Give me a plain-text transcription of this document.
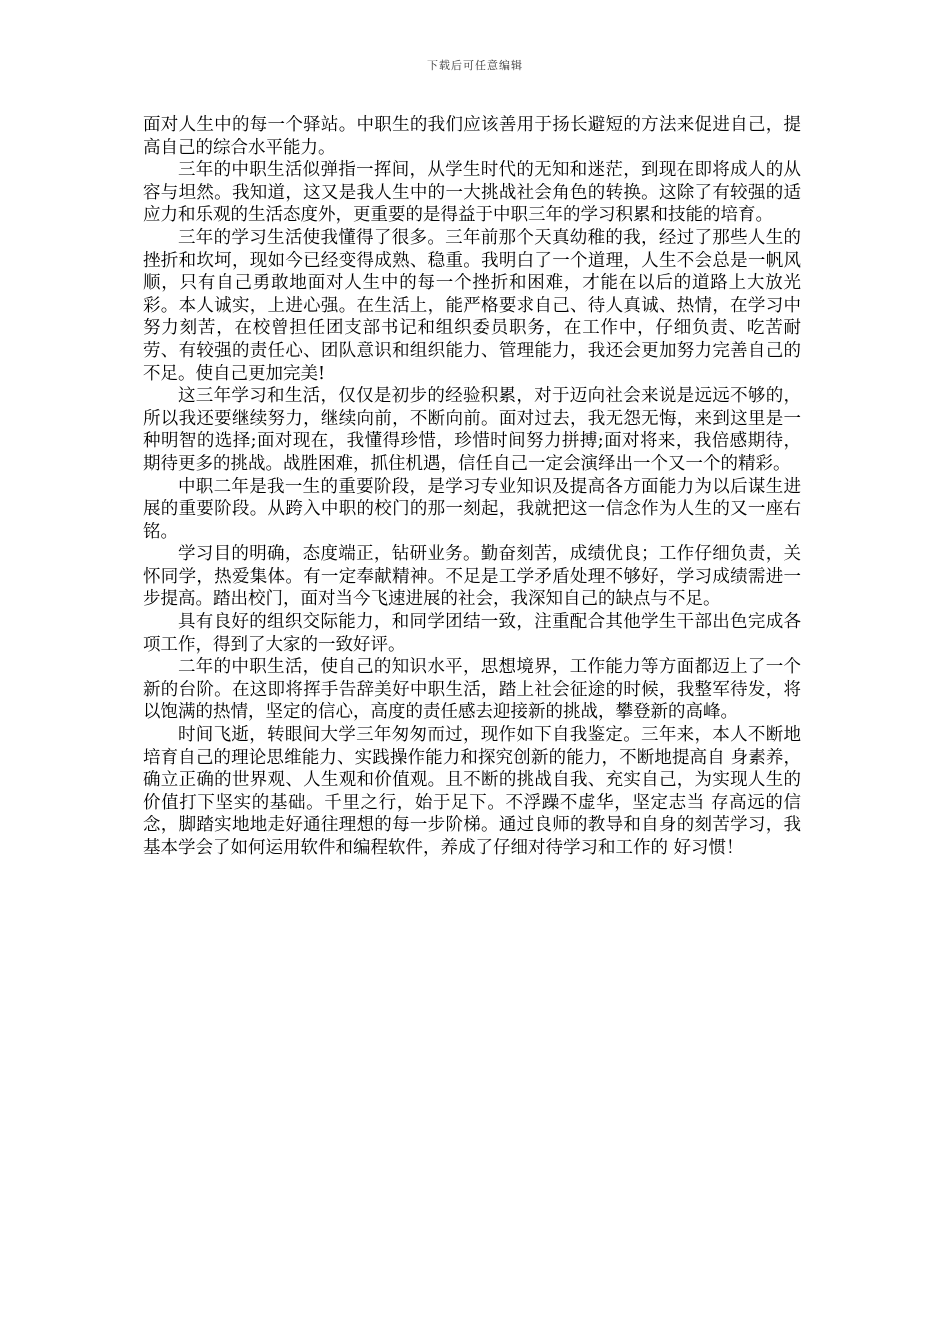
下载后可任意编辑

面对人生中的每一个驿站。中职生的我们应该善用于扬长避短的方法来促进自己，提高自己的综合水平能力。

三年的中职生活似弹指一挥间，从学生时代的无知和迷茫，到现在即将成人的从容与坦然。我知道，这又是我人生中的一大挑战社会角色的转换。这除了有较强的适应力和乐观的生活态度外，更重要的是得益于中职三年的学习积累和技能的培育。

三年的学习生活使我懂得了很多。三年前那个天真幼稚的我，经过了那些人生的挫折和坎坷，现如今已经变得成熟、稳重。我明白了一个道理，人生不会总是一帆风顺，只有自己勇敢地面对人生中的每一个挫折和困难，才能在以后的道路上大放光彩。本人诚实，上进心强。在生活上，能严格要求自己、待人真诚、热情，在学习中努力刻苦，在校曾担任团支部书记和组织委员职务，在工作中，仔细负责、吃苦耐劳、有较强的责任心、团队意识和组织能力、管理能力，我还会更加努力完善自己的不足。使自己更加完美!

这三年学习和生活，仅仅是初步的经验积累，对于迈向社会来说是远远不够的，所以我还要继续努力，继续向前，不断向前。面对过去，我无怨无悔，来到这里是一种明智的选择;面对现在，我懂得珍惜，珍惜时间努力拼搏;面对将来，我倍感期待，期待更多的挑战。战胜困难，抓住机遇，信任自己一定会演绎出一个又一个的精彩。

中职二年是我一生的重要阶段，是学习专业知识及提高各方面能力为以后谋生进展的重要阶段。从跨入中职的校门的那一刻起，我就把这一信念作为人生的又一座右铭。

学习目的明确，态度端正，钻研业务。勤奋刻苦，成绩优良；工作仔细负责，关怀同学，热爱集体。有一定奉献精神。不足是工学矛盾处理不够好，学习成绩需进一步提高。踏出校门，面对当今飞速进展的社会，我深知自己的缺点与不足。

具有良好的组织交际能力，和同学团结一致，注重配合其他学生干部出色完成各项工作，得到了大家的一致好评。

二年的中职生活，使自己的知识水平，思想境界，工作能力等方面都迈上了一个新的台阶。在这即将挥手告辞美好中职生活，踏上社会征途的时候，我整军待发，将以饱满的热情，坚定的信心，高度的责任感去迎接新的挑战，攀登新的高峰。

时间飞逝，转眼间大学三年匆匆而过，现作如下自我鉴定。三年来，本人不断地培育自己的理论思维能力、实践操作能力和探究创新的能力，不断地提高自 身素养，确立正确的世界观、人生观和价值观。且不断的挑战自我、充实自己，为实现人生的价值打下坚实的基础。千里之行，始于足下。不浮躁不虚华，坚定志当 存高远的信念，脚踏实地地走好通往理想的每一步阶梯。通过良师的教导和自身的刻苦学习，我基本学会了如何运用软件和编程软件，养成了仔细对待学习和工作的 好习惯！
